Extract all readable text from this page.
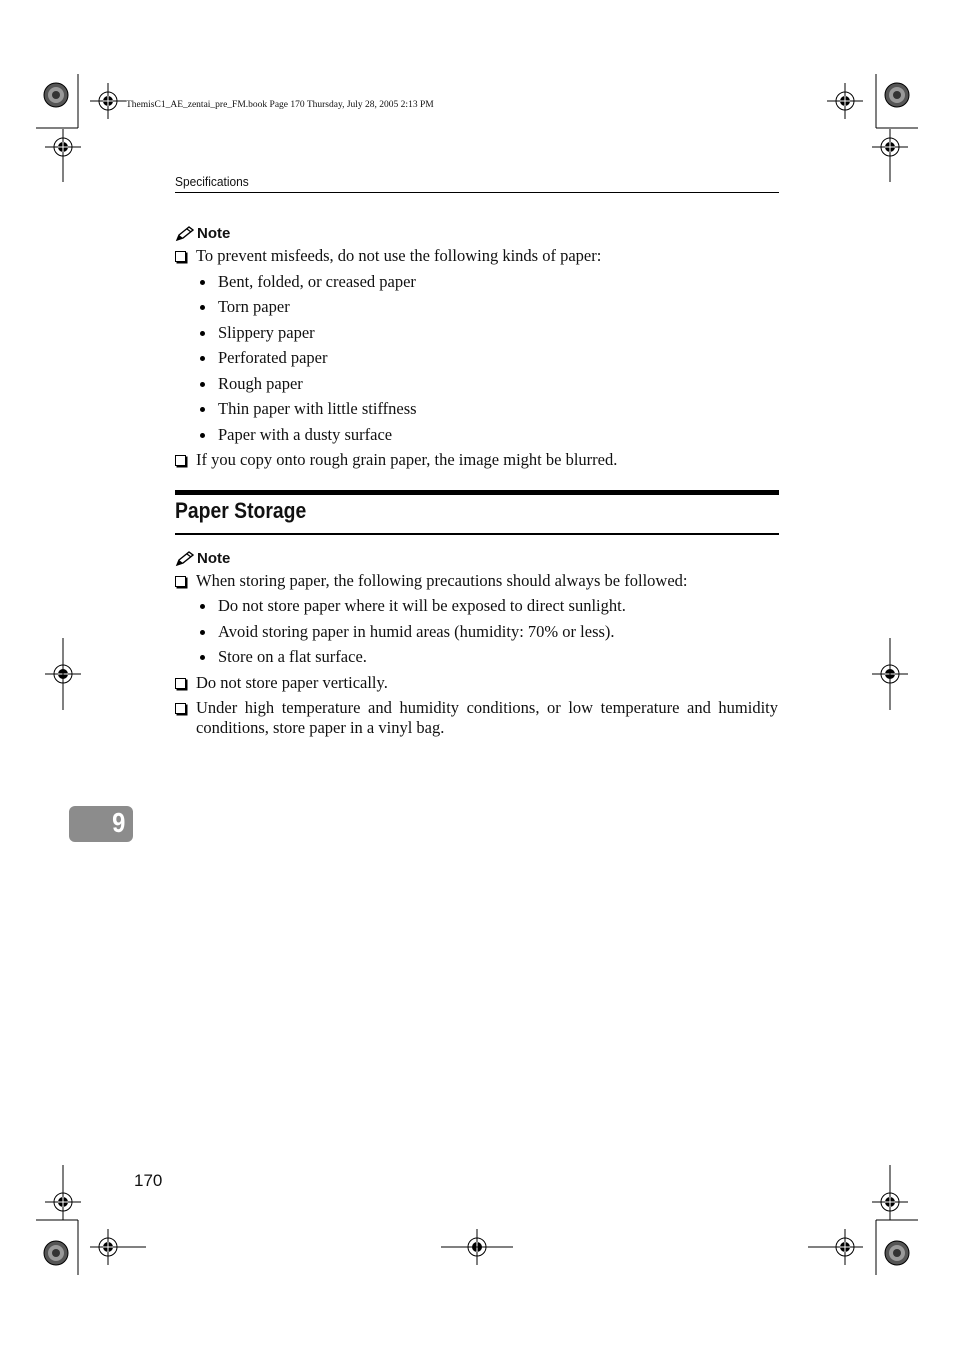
ThemisC1_AE_zentai_pre_FM.book Page 170 Thursday, July 28, 2005 2:13 PM
Specifications
Note
To prevent misfeeds, do not use the following kinds of paper:
Bent, folded, or creased paper
Torn paper
Slippery paper
Perforated paper
Rough paper
Thin paper with little stiffness
Paper with a dusty surface
If you copy onto rough grain paper, the image might be blurred.
Paper Storage
Note
When storing paper, the following precautions should always be followed:
Do not store paper where it will be exposed to direct sunlight.
Avoid storing paper in humid areas (humidity: 70% or less).
Store on a flat surface.
Do not store paper vertically.
Under high temperature and humidity conditions, or low temperature and humidity conditions, store paper in a vinyl bag.
9
170
